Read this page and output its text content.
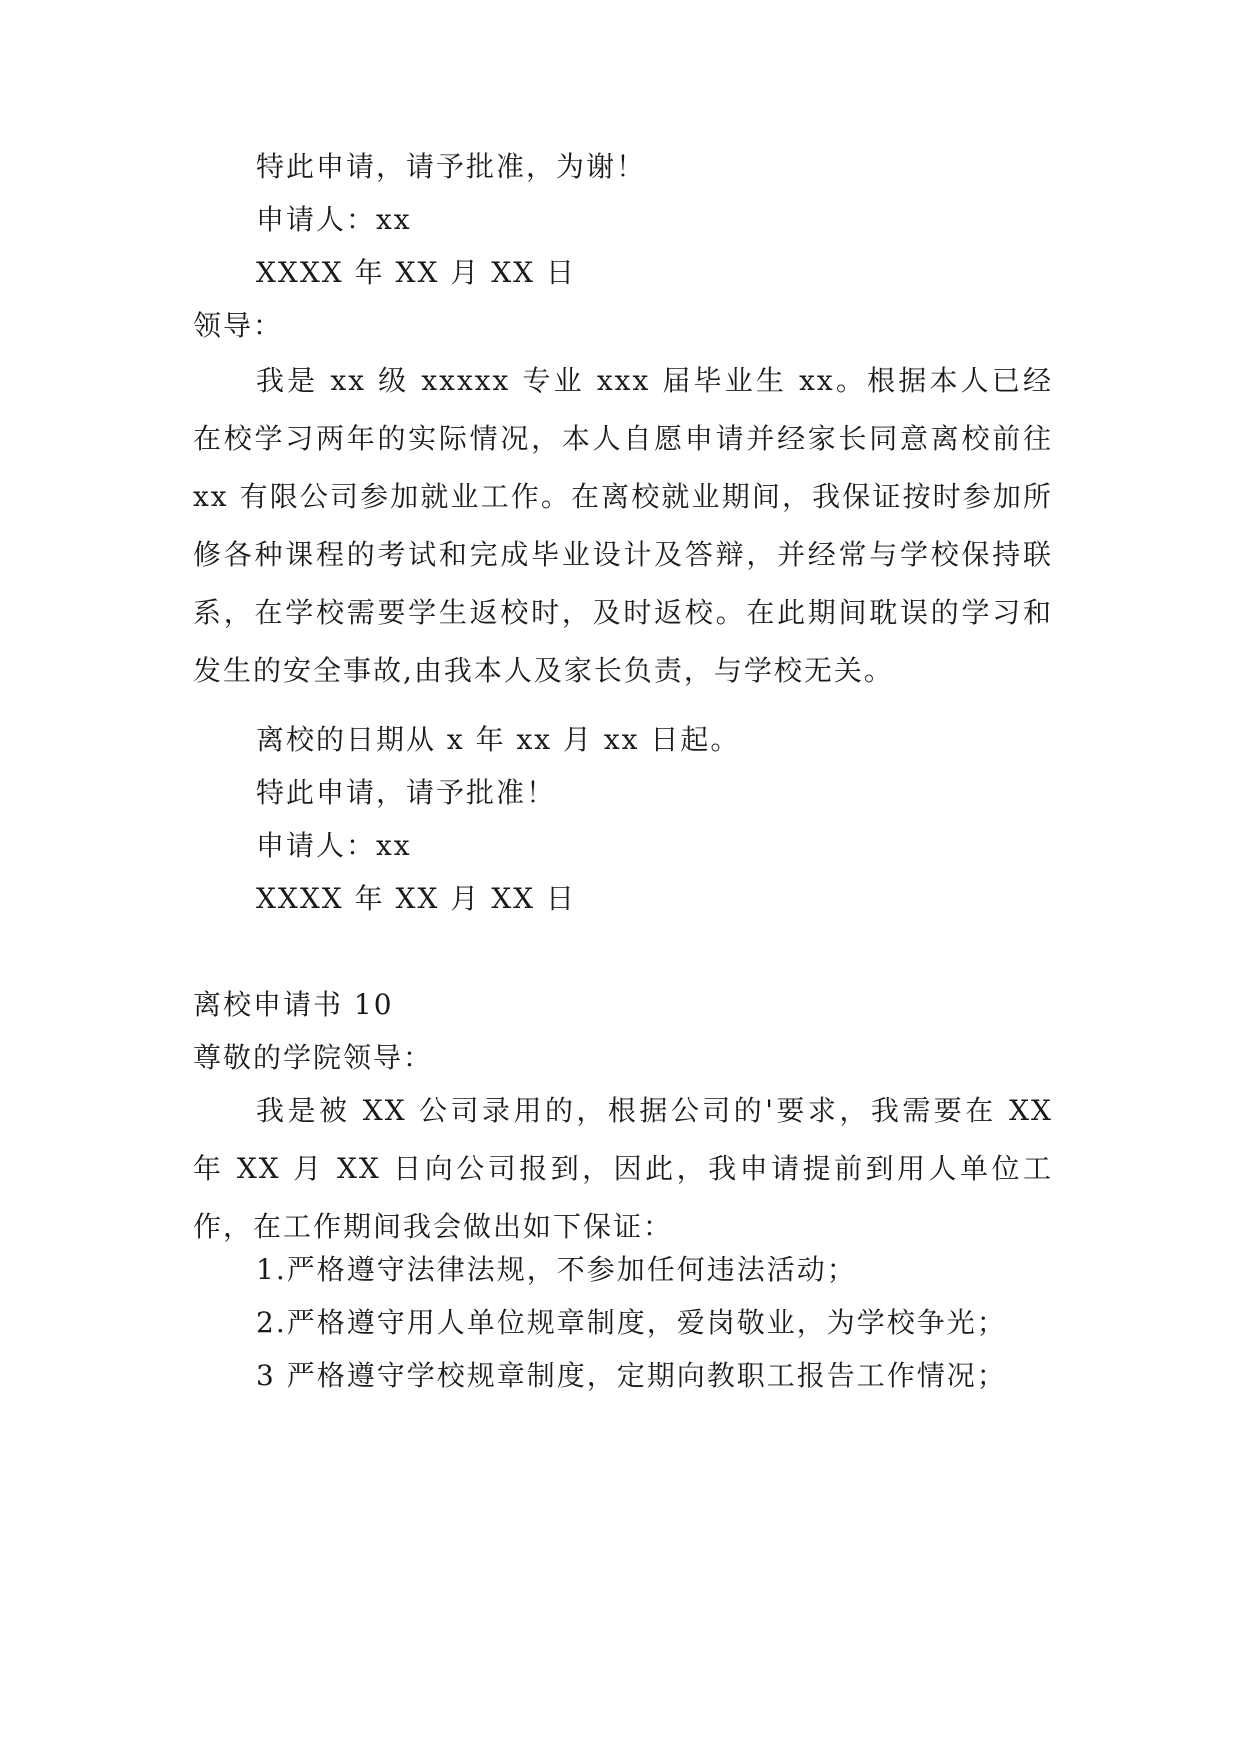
特此申请，请予批准，为谢！
申请人：xx
XXXX 年 XX 月 XX 日
领导：

我是 xx 级 xxxxx 专业 xxx 届毕业生 xx。根据本人已经在校学习两年的实际情况，本人自愿申请并经家长同意离校前往 xx 有限公司参加就业工作。在离校就业期间，我保证按时参加所修各种课程的考试和完成毕业设计及答辩，并经常与学校保持联系，在学校需要学生返校时，及时返校。在此期间耽误的学习和发生的安全事故,由我本人及家长负责，与学校无关。

离校的日期从 x 年 xx 月 xx 日起。
特此申请，请予批准！
申请人：xx
XXXX 年 XX 月 XX 日
离校申请书 10
尊敬的学院领导：

我是被 XX 公司录用的，根据公司的'要求，我需要在 XX 年 XX 月 XX 日向公司报到，因此，我申请提前到用人单位工作，在工作期间我会做出如下保证：

1.严格遵守法律法规，不参加任何违法活动；
2.严格遵守用人单位规章制度，爱岗敬业，为学校争光；
3 严格遵守学校规章制度，定期向教职工报告工作情况；
